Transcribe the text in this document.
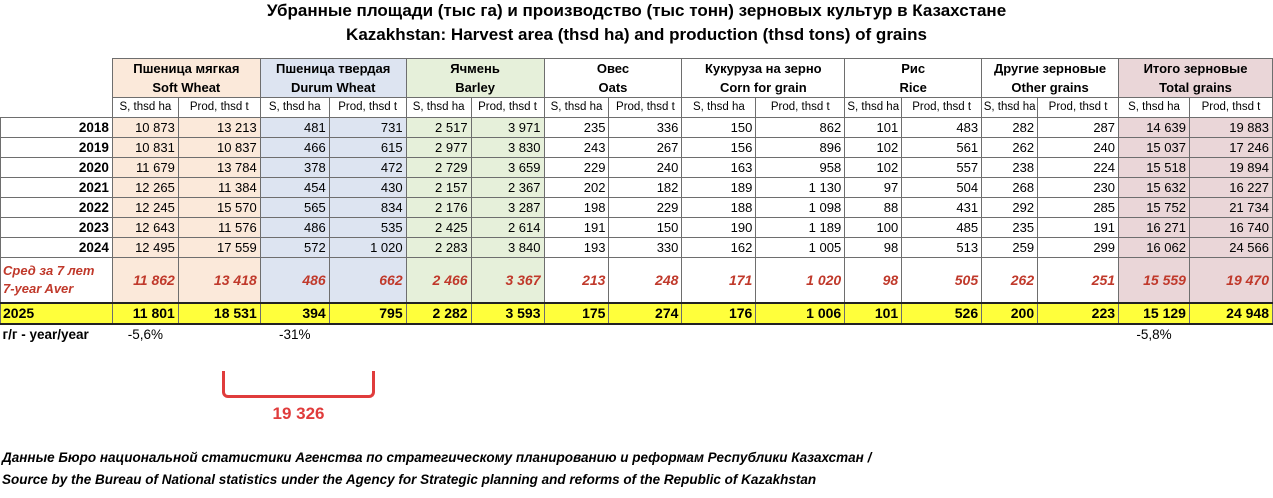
Убранные площади (тыс га) и производство (тыс тонн) зерновых культур в Казахстане
Kazakhstan: Harvest area (thsd ha) and production (thsd tons) of grains
	Пшеница мягкая		Пшеница твердая		Ячмень		Овес		Кукуруза на зерно		Рис		Другие зерновые		Итого зерновые	
	Soft Wheat		Durum Wheat		Barley		Oats		Corn for grain		Rice		Other grains		Total grains	
	S, thsd ha	Prod, thsd t	S, thsd ha	Prod, thsd t	S, thsd ha	Prod, thsd t	S, thsd ha	Prod, thsd t	S, thsd ha	Prod, thsd t	S, thsd ha	Prod, thsd t	S, thsd ha	Prod, thsd t	S, thsd ha	Prod, thsd t
2018	10 873	13 213	481	731	2 517	3 971	235	336	150	862	101	483	282	287	14 639	19 883
2019	10 831	10 837	466	615	2 977	3 830	243	267	156	896	102	561	262	240	15 037	17 246
2020	11 679	13 784	378	472	2 729	3 659	229	240	163	958	102	557	238	224	15 518	19 894
2021	12 265	11 384	454	430	2 157	2 367	202	182	189	1 130	97	504	268	230	15 632	16 227
2022	12 245	15 570	565	834	2 176	3 287	198	229	188	1 098	88	431	292	285	15 752	21 734
2023	12 643	11 576	486	535	2 425	2 614	191	150	190	1 189	100	485	235	191	16 271	16 740
2024	12 495	17 559	572	1 020	2 283	3 840	193	330	162	1 005	98	513	259	299	16 062	24 566
Сред за 7 лет 7-year Aver	11 862	13 418	486	662	2 466	3 367	213	248	171	1 020	98	505	262	251	15 559	19 470
2025	11 801	18 531	394	795	2 282	3 593	175	274	176	1 006	101	526	200	223	15 129	24 948
г/г - year/year	-5,6%		-31%												-5,8%	
19 326
Данные Бюро национальной статистики Агенства по стратегическому планированию и реформам Республики Казахстан /
Source by the Bureau of National statistics under the Agency for Strategic planning and reforms of the Republic of Kazakhstan
